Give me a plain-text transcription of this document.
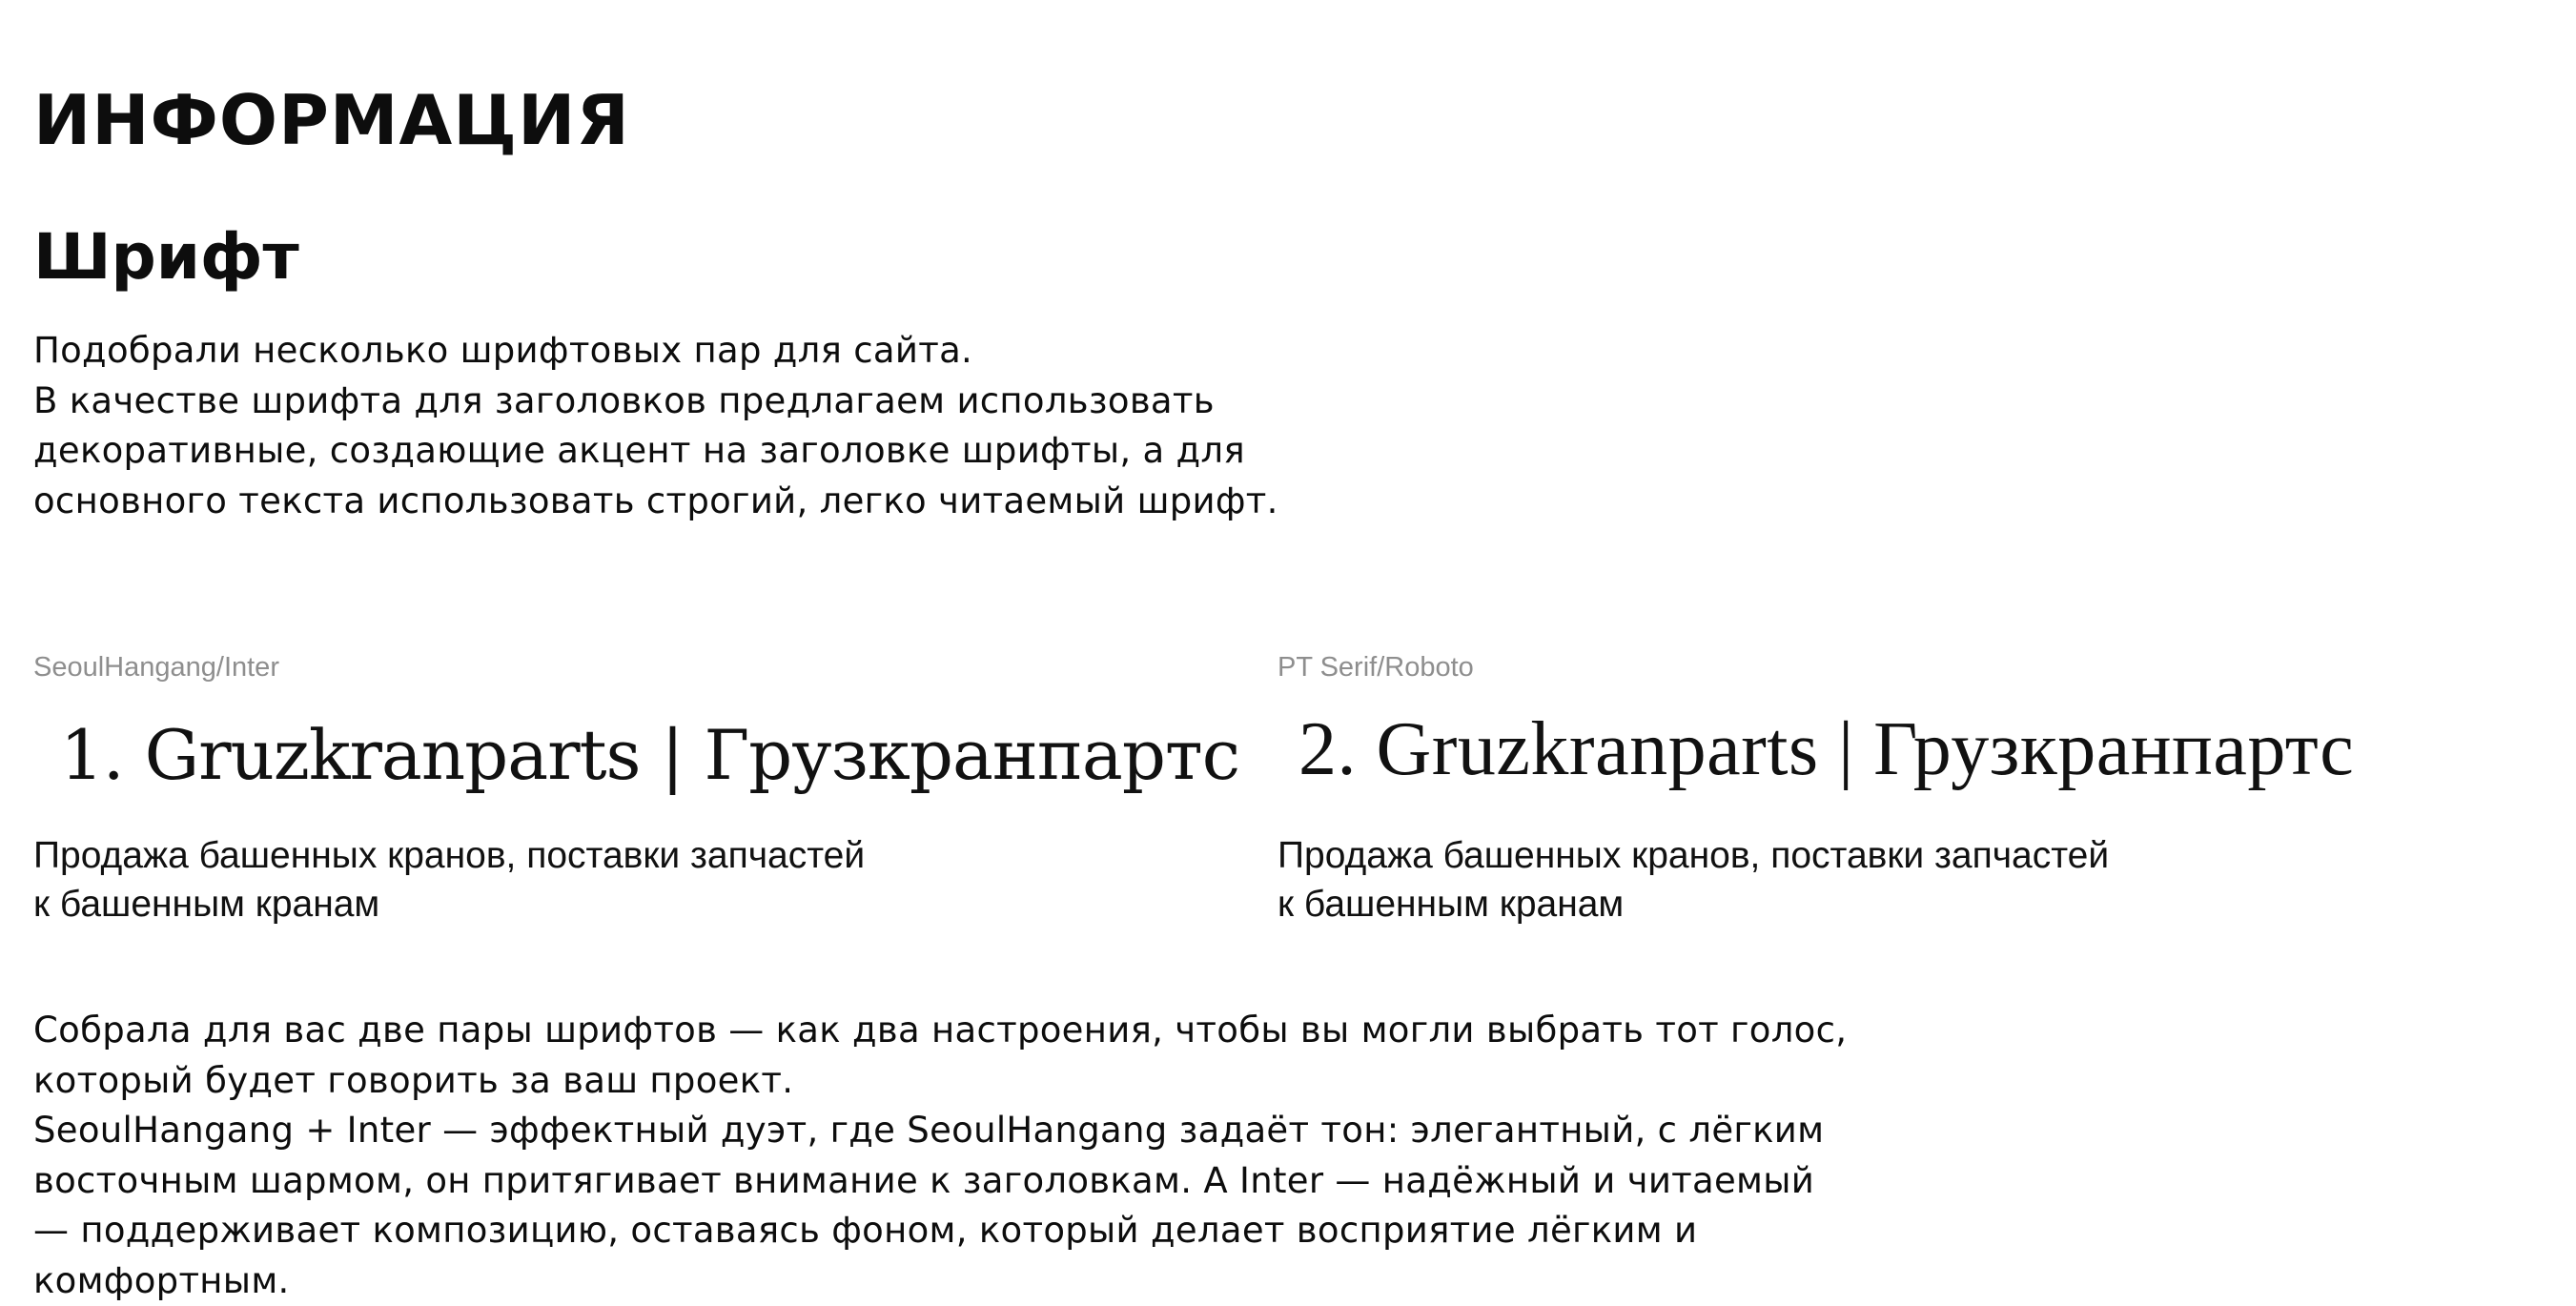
ИНФОРМАЦИЯ
Шрифт
Подобрали несколько шрифтовых пар для сайта.
В качестве шрифта для заголовков предлагаем использовать
декоративные, создающие акцент на заголовке шрифты, а для
основного текста использовать строгий, легко читаемый шрифт.
SeoulHangang/Inter
1. Gruzkranparts | Грузкранпартс
Продажа башенных кранов, поставки запчастей
к башенным кранам
PT Serif/Roboto
2. Gruzkranparts | Грузкранпартс
Продажа башенных кранов, поставки запчастей
к башенным кранам
Собрала для вас две пары шрифтов — как два настроения, чтобы вы могли выбрать тот голос,
который будет говорить за ваш проект.
SeoulHangang + Inter — эффектный дуэт, где SeoulHangang задаёт тон: элегантный, с лёгким
восточным шармом, он притягивает внимание к заголовкам. А Inter — надёжный и читаемый
— поддерживает композицию, оставаясь фоном, который делает восприятие лёгким и
комфортным.
